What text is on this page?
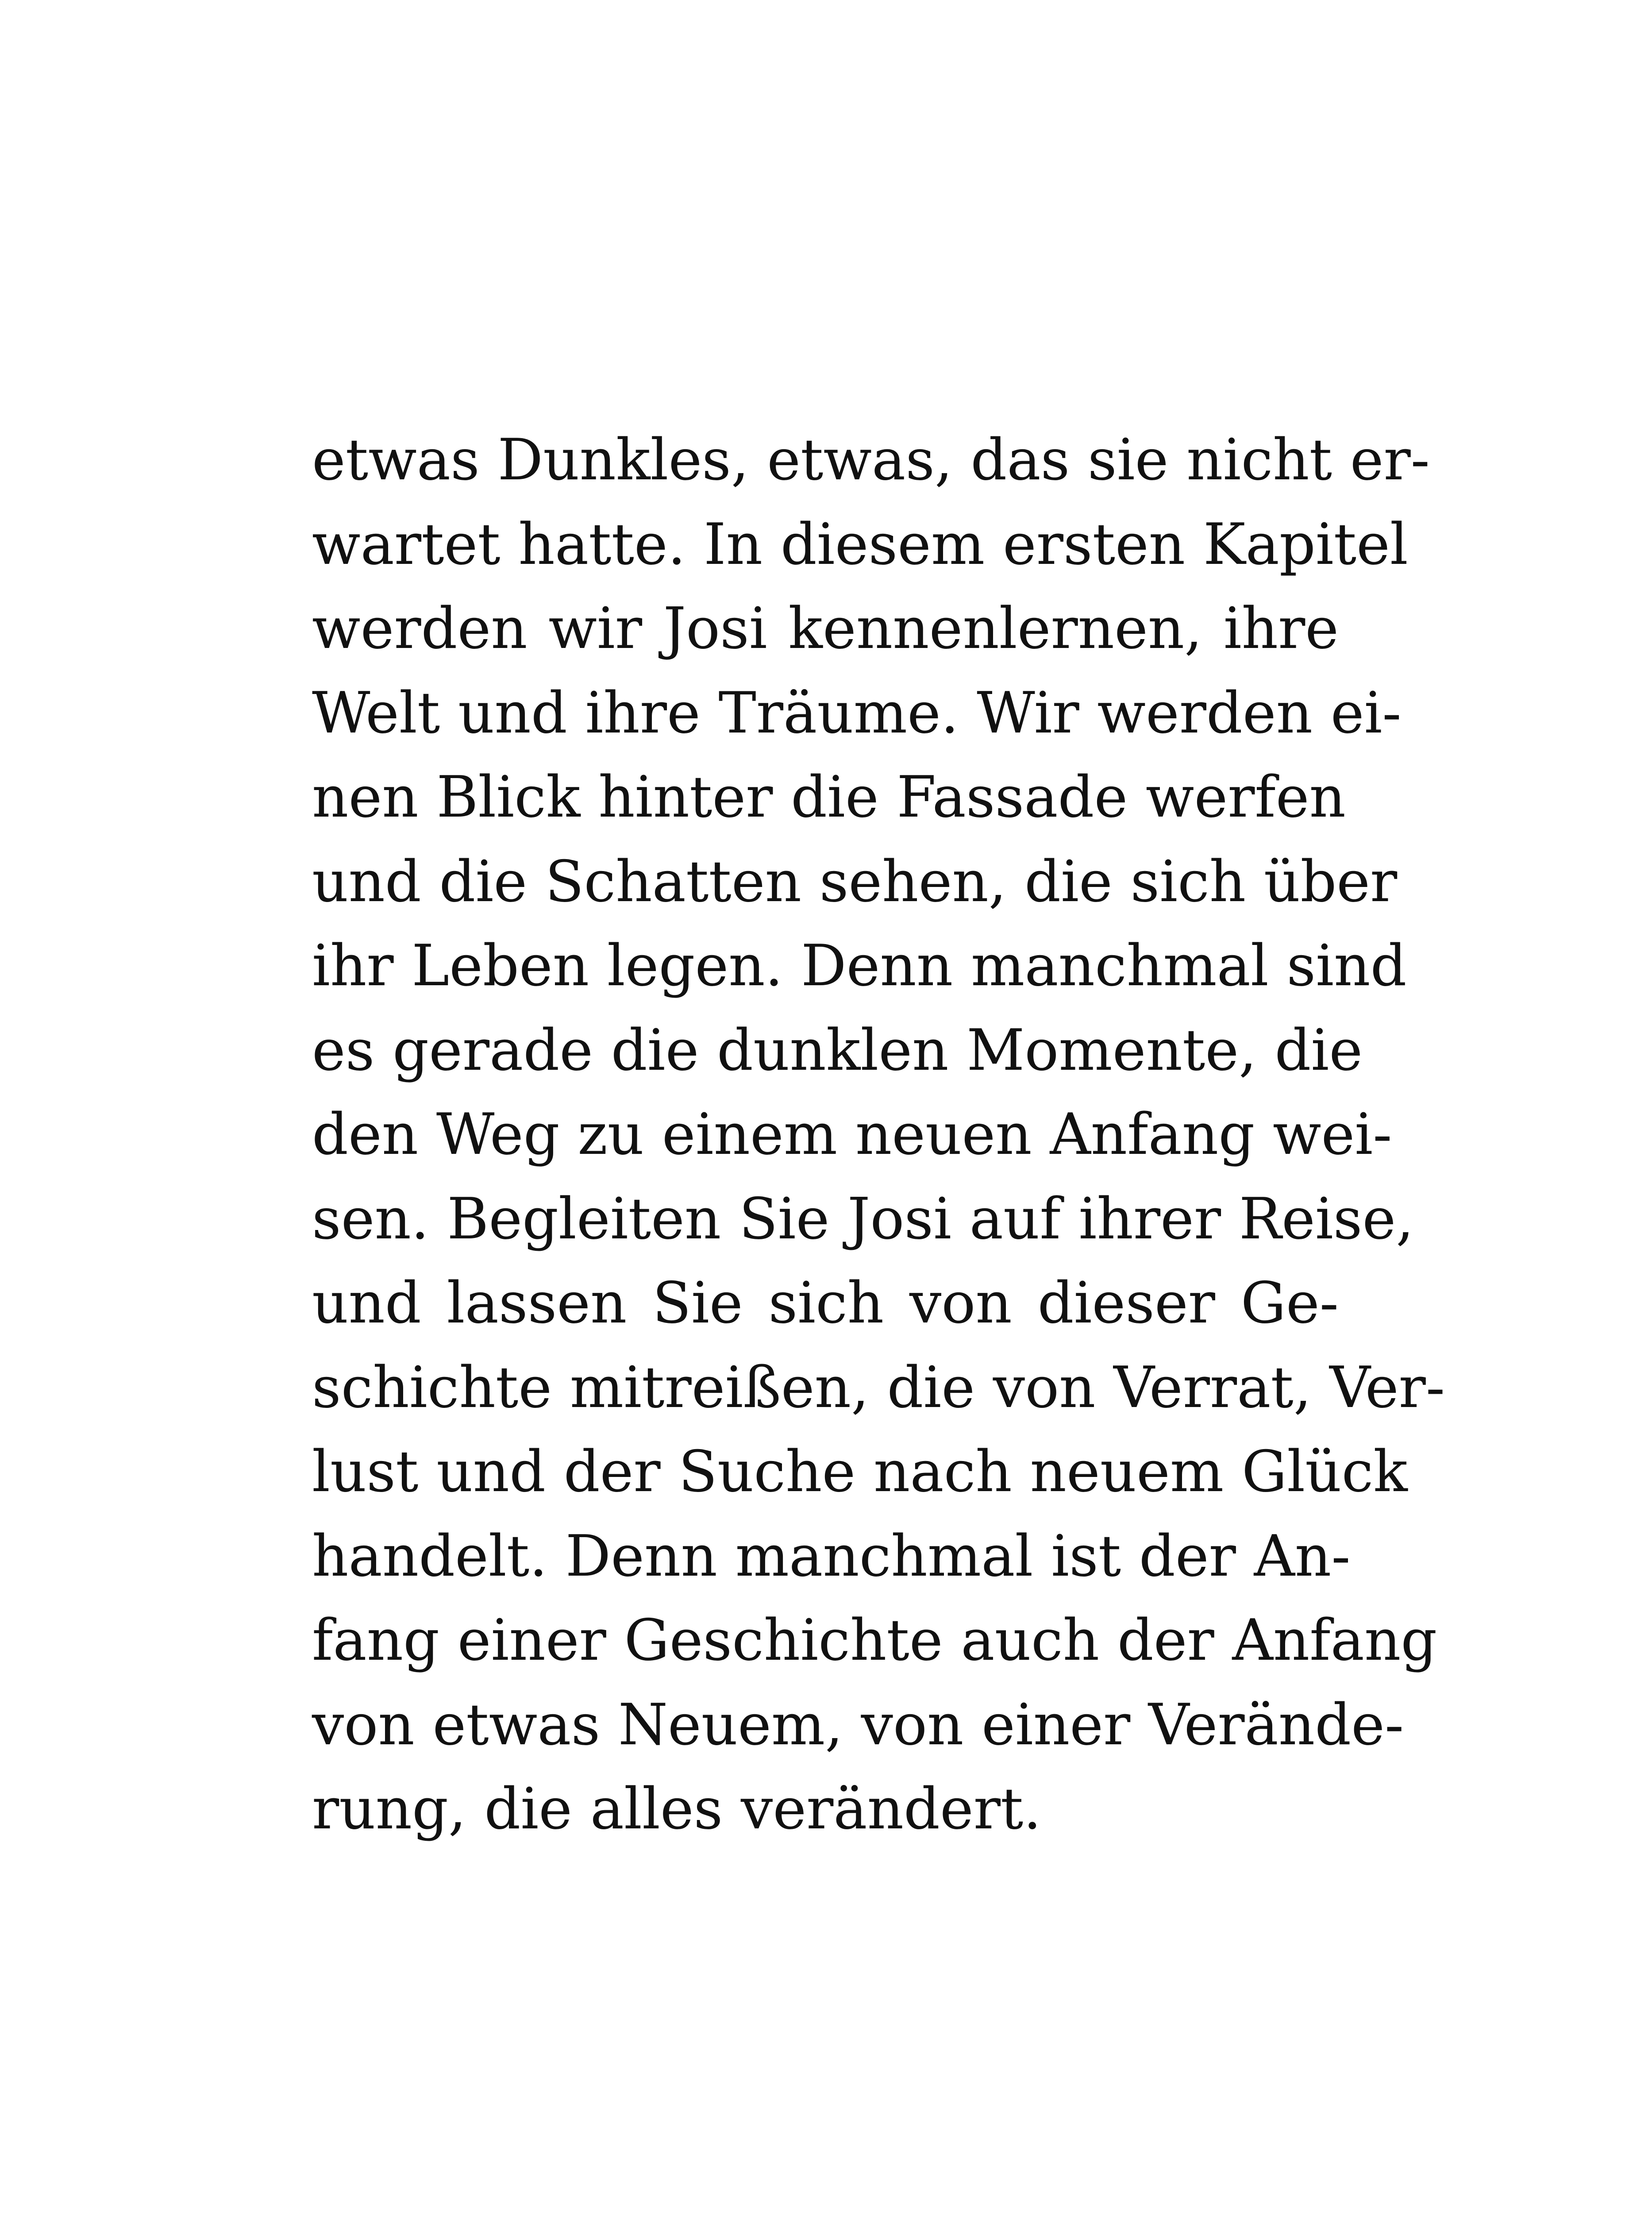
etwas Dunkles, etwas, das sie nicht er-
wartet hatte. In diesem ersten Kapitel
werden wir Josi kennenlernen, ihre
Welt und ihre Träume. Wir werden ei-
nen Blick hinter die Fassade werfen
und die Schatten sehen, die sich über
ihr Leben legen. Denn manchmal sind
es gerade die dunklen Momente, die
den Weg zu einem neuen Anfang wei-
sen. Begleiten Sie Josi auf ihrer Reise,
und lassen Sie sich von dieser Ge-
schichte mitreißen, die von Verrat, Ver-
lust und der Suche nach neuem Glück
handelt. Denn manchmal ist der An-
fang einer Geschichte auch der Anfang
von etwas Neuem, von einer Verände-
rung, die alles verändert.
